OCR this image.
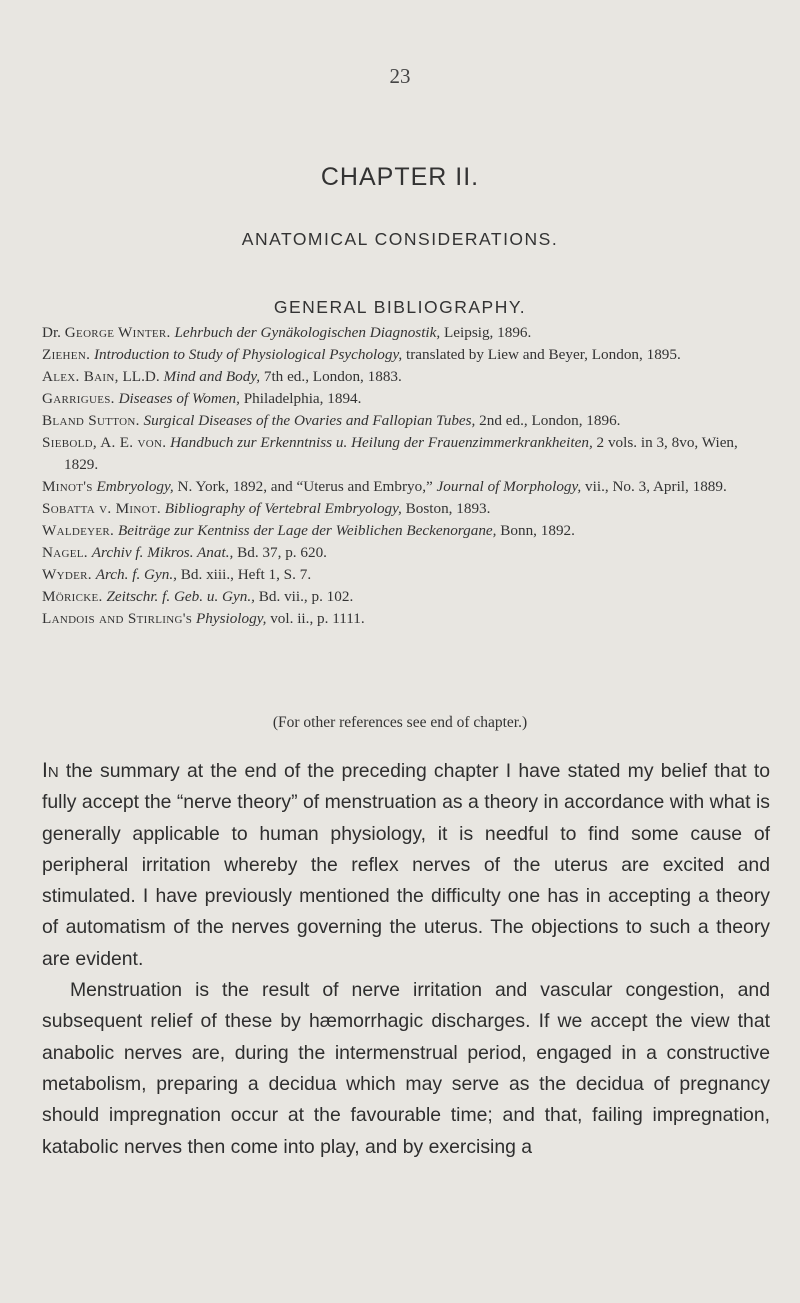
23
CHAPTER II.
ANATOMICAL CONSIDERATIONS.
GENERAL BIBLIOGRAPHY.
Dr. George Winter. Lehrbuch der Gynäkologischen Diagnostik, Leipsig, 1896.
Ziehen. Introduction to Study of Physiological Psychology, translated by Liew and Beyer, London, 1895.
Alex. Bain, LL.D. Mind and Body, 7th ed., London, 1883.
Garrigues. Diseases of Women, Philadelphia, 1894.
Bland Sutton. Surgical Diseases of the Ovaries and Fallopian Tubes, 2nd ed., London, 1896.
Siebold, A. E. von. Handbuch zur Erkenntniss u. Heilung der Frauenzimmerkrankheiten, 2 vols. in 3, 8vo, Wien, 1829.
Minot's Embryology, N. York, 1892, and “Uterus and Embryo,” Journal of Morphology, vii., No. 3, April, 1889.
Sobatta v. Minot. Bibliography of Vertebral Embryology, Boston, 1893.
Waldeyer. Beiträge zur Kentniss der Lage der Weiblichen Beckenorgane, Bonn, 1892.
Nagel. Archiv f. Mikros. Anat., Bd. 37, p. 620.
Wyder. Arch. f. Gyn., Bd. xiii., Heft 1, S. 7.
Möricke. Zeitschr. f. Geb. u. Gyn., Bd. vii., p. 102.
Landois and Stirling's Physiology, vol. ii., p. 1111.
(For other references see end of chapter.)

In the summary at the end of the preceding chapter I have stated my belief that to fully accept the “nerve theory” of menstruation as a theory in accordance with what is generally applicable to human physiology, it is needful to find some cause of peripheral irritation whereby the reflex nerves of the uterus are excited and stimulated. I have previously mentioned the difficulty one has in accepting a theory of automatism of the nerves governing the uterus. The objections to such a theory are evident.

Menstruation is the result of nerve irritation and vascular congestion, and subsequent relief of these by hæmorrhagic discharges. If we accept the view that anabolic nerves are, during the intermenstrual period, engaged in a constructive metabolism, preparing a decidua which may serve as the decidua of pregnancy should impregnation occur at the favourable time; and that, failing impregnation, katabolic nerves then come into play, and by exercising a
